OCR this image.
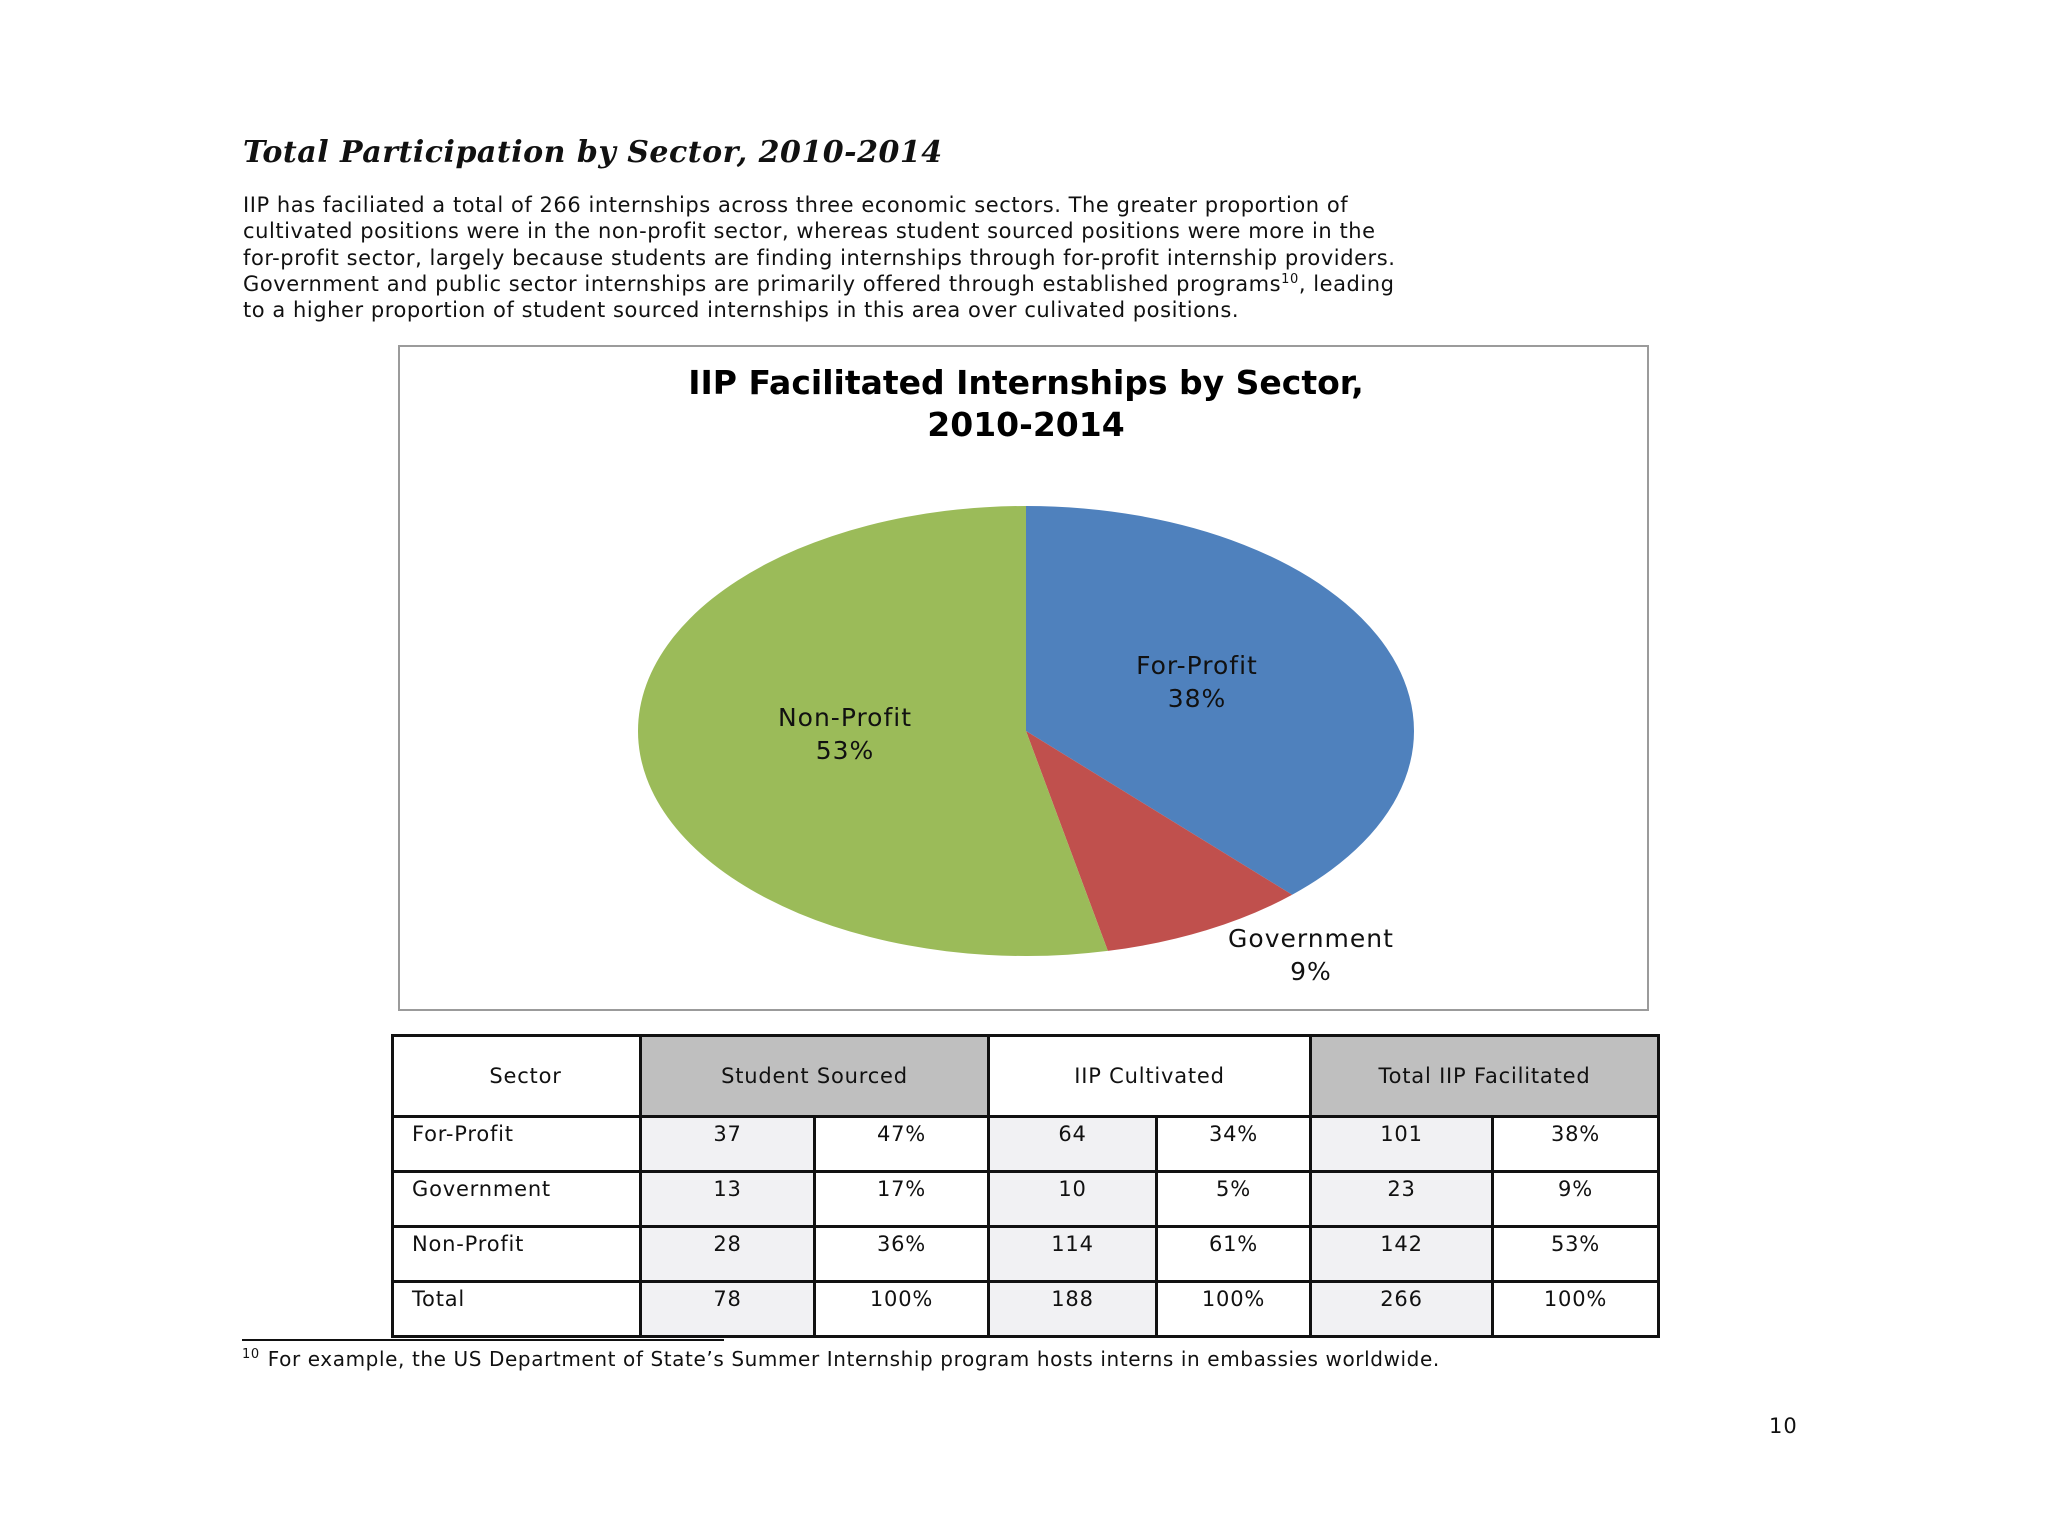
Total Participation by Sector, 2010-2014

IIP has faciliated a total of 266 internships across three economic sectors. The greater proportion of
cultivated positions were in the non-profit sector, whereas student sourced positions were more in the
for-profit sector, largely because students are finding internships through for-profit internship providers.
Government and public sector internships are primarily offered through established programs$^{10}$, leading
to a higher proportion of student sourced internships in this area over culivated positions.

IIP Facilitated Internships by Sector,
2010-2014
For-Profit
38%
Government
9%
Non-Profit
53%
Sector	Student Sourced		IIP Cultivated		Total IIP Facilitated	
For-Profit	37	47%	64	34%	101	38%
Government	13	17%	10	5%	23	9%
Non-Profit	28	36%	114	61%	142	53%
Total	78	100%	188	100%	266	100%

$^{10}$ For example, the US Department of State’s Summer Internship program hosts interns in embassies worldwide.

10
